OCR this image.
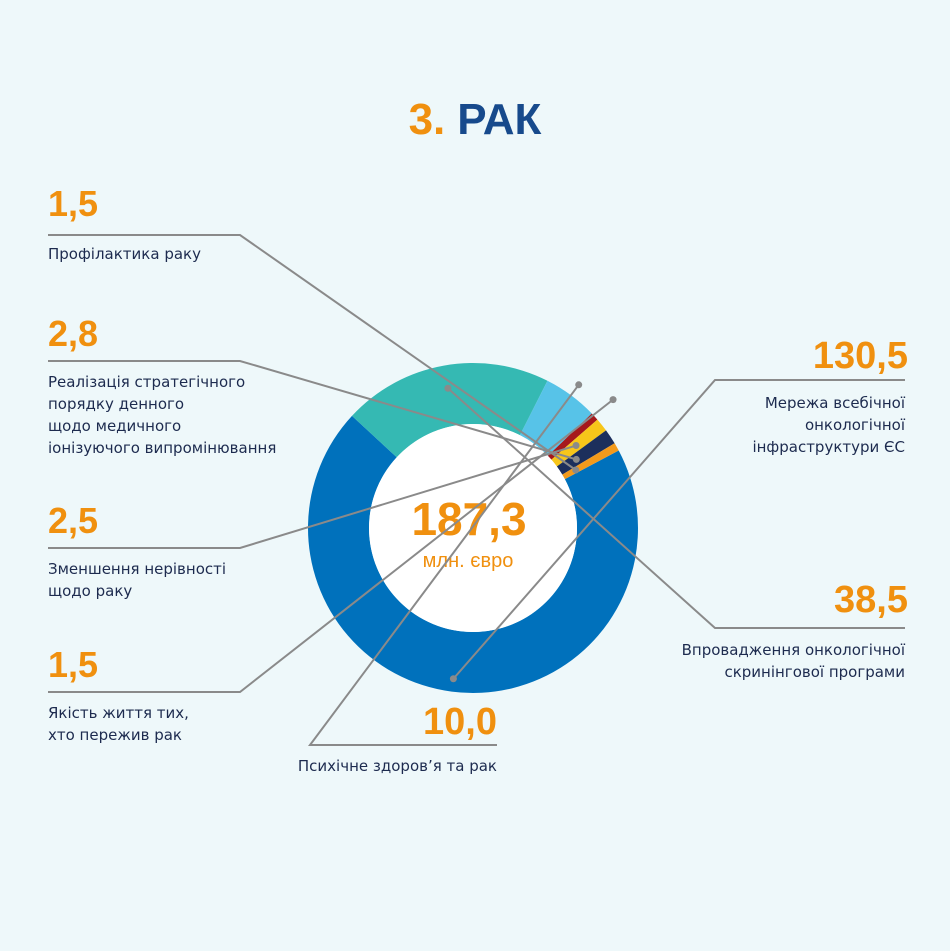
3. РАК
187,3
млн. євро
130,5
Мережа всебічної
онкологічної
інфраструктури ЄС
38,5
Впровадження онкологічної
скринінгової програми
10,0
Психічне здоров’я та рак
1,5
Якість життя тих,
хто пережив рак
2,5
Зменшення нерівності
щодо раку
2,8
Реалізація стратегічного
порядку денного
щодо медичного
іонізуючого випромінювання
1,5
Профілактика раку
